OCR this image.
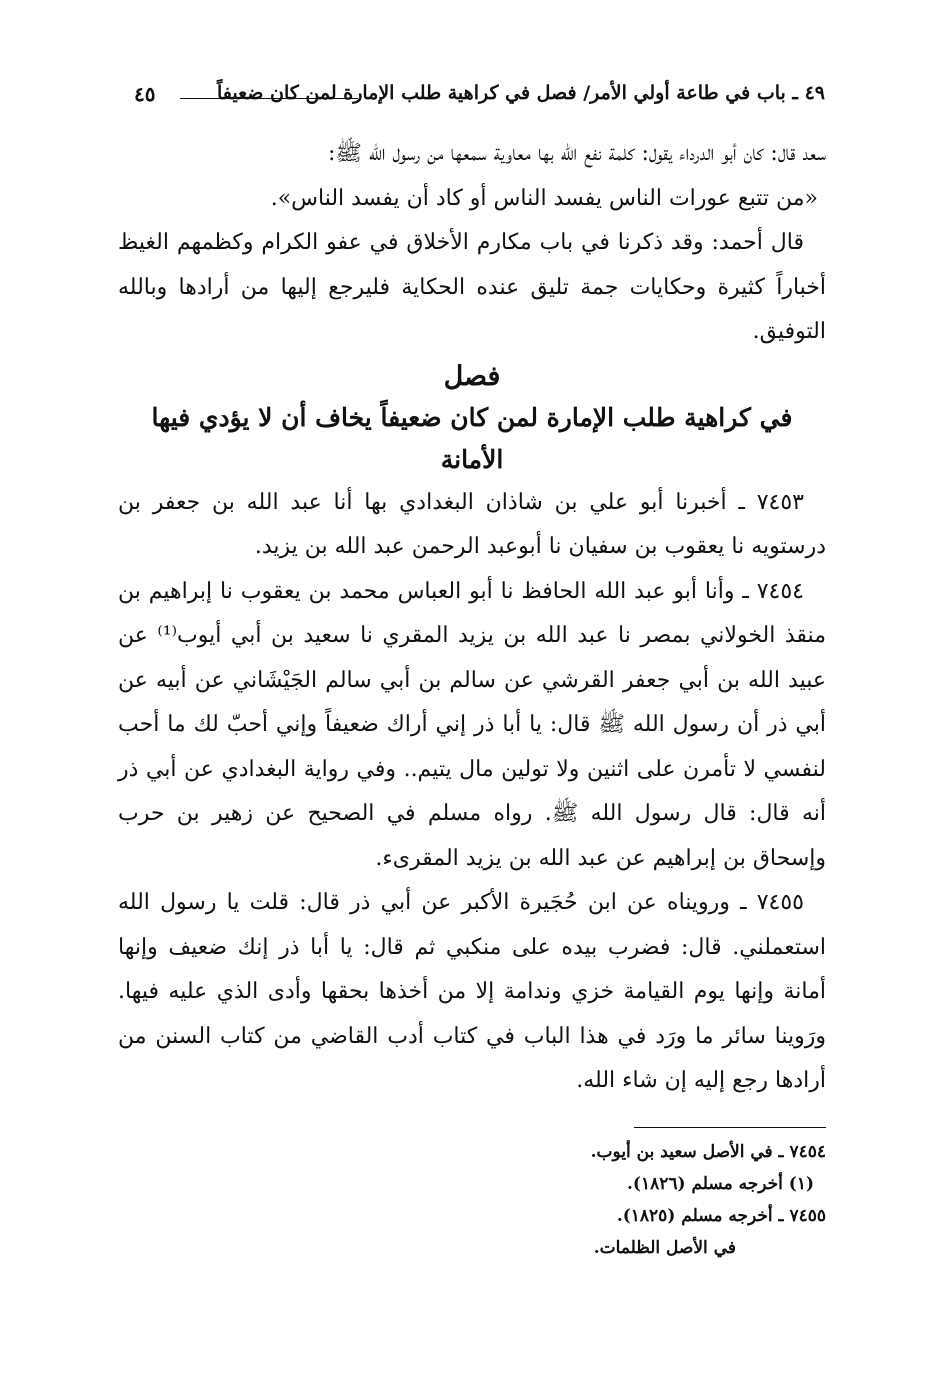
٤٩ ـ باب في طاعة أولي الأمر/ فصل في كراهية طلب الإمارة لمن كان ضعيفاً
٤٥

سعد قال: كان أبو الدرداء يقول: كلمة نفع الله بها معاوية سمعها من رسول الله ﷺ:

«من تتبع عورات الناس يفسد الناس أو كاد أن يفسد الناس».

قال أحمد: وقد ذكرنا في باب مكارم الأخلاق في عفو الكرام وكظمهم الغيظ أخباراً كثيرة وحكايات جمة تليق عنده الحكاية فليرجع إليها من أرادها وبالله التوفيق.

فصل
في كراهية طلب الإمارة لمن كان ضعيفاً يخاف أن لا يؤدي فيها الأمانة

٧٤٥٣ ـ أخبرنا أبو علي بن شاذان البغدادي بها أنا عبد الله بن جعفر بن درستويه نا يعقوب بن سفيان نا أبوعبد الرحمن عبد الله بن يزيد.

٧٤٥٤ ـ وأنا أبو عبد الله الحافظ نا أبو العباس محمد بن يعقوب نا إبراهيم بن منقذ الخولاني بمصر نا عبد الله بن يزيد المقري نا سعيد بن أبي أيوب⁽¹⁾ عن عبيد الله بن أبي جعفر القرشي عن سالم بن أبي سالم الجَيْشَاني عن أبيه عن أبي ذر أن رسول الله ﷺ قال: يا أبا ذر إني أراك ضعيفاً وإني أحبّ لك ما أحب لنفسي لا تأمرن على اثنين ولا تولين مال يتيم.. وفي رواية البغدادي عن أبي ذر أنه قال: قال رسول الله ﷺ. رواه مسلم في الصحيح عن زهير بن حرب وإسحاق بن إبراهيم عن عبد الله بن يزيد المقرىء.

٧٤٥٥ ـ ورويناه عن ابن حُجَيرة الأكبر عن أبي ذر قال: قلت يا رسول الله استعملني. قال: فضرب بيده على منكبي ثم قال: يا أبا ذر إنك ضعيف وإنها أمانة وإنها يوم القيامة خزي وندامة إلا من أخذها بحقها وأدى الذي عليه فيها. ورَوينا سائر ما ورَد في هذا الباب في كتاب أدب القاضي من كتاب السنن من أرادها رجع إليه إن شاء الله.

٧٤٥٤ ـ في الأصل سعيد بن أيوب.

(١) أخرجه مسلم (١٨٢٦).

٧٤٥٥ ـ أخرجه مسلم (١٨٢٥).

في الأصل الظلمات.
